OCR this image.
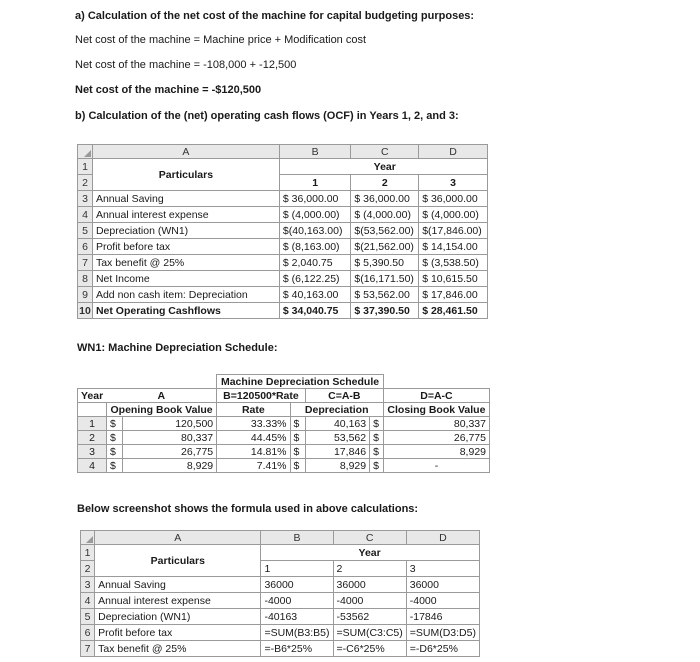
a) Calculation of the net cost of the machine for capital budgeting purposes:
Net cost of the machine = Machine price + Modification cost
Net cost of the machine = -108,000 + -12,500
Net cost of the machine = -$120,500
b) Calculation of the (net) operating cash flows (OCF) in Years 1, 2, and 3:
	A	B	C	D
1	Particulars		Year	
2		1	2	3
3	Annual Saving	$ 36,000.00	$ 36,000.00	$ 36,000.00
4	Annual interest expense	$ (4,000.00)	$ (4,000.00)	$ (4,000.00)
5	Depreciation (WN1)	$(40,163.00)	$(53,562.00)	$(17,846.00)
6	Profit before tax	$ (8,163.00)	$(21,562.00)	$ 14,154.00
7	Tax benefit @ 25%	$ 2,040.75	$ 5,390.50	$ (3,538.50)
8	Net Income	$ (6,122.25)	$(16,171.50)	$ 10,615.50
9	Add non cash item: Depreciation	$ 40,163.00	$ 53,562.00	$ 17,846.00
10	Net Operating Cashflows	$ 34,040.75	$ 37,390.50	$ 28,461.50
WN1: Machine Depreciation Schedule:
			Machine Depreciation Schedule				
Year	A		B=120500*Rate		C=A-B		D=A-C
	Opening Book Value		Rate	Depreciation			Closing Book Value
1	$	120,500	33.33%	$	40,163	$	80,337
2	$	80,337	44.45%	$	53,562	$	26,775
3	$	26,775	14.81%	$	17,846	$	8,929
4	$	8,929	7.41%	$	8,929	$	-
Below screenshot shows the formula used in above calculations:
	A	B	C	D
1	Particulars		Year	
2		1	2	3
3	Annual Saving	36000	36000	36000
4	Annual interest expense	-4000	-4000	-4000
5	Depreciation (WN1)	-40163	-53562	-17846
6	Profit before tax	=SUM(B3:B5)	=SUM(C3:C5)	=SUM(D3:D5)
7	Tax benefit @ 25%	=-B6*25%	=-C6*25%	=-D6*25%
